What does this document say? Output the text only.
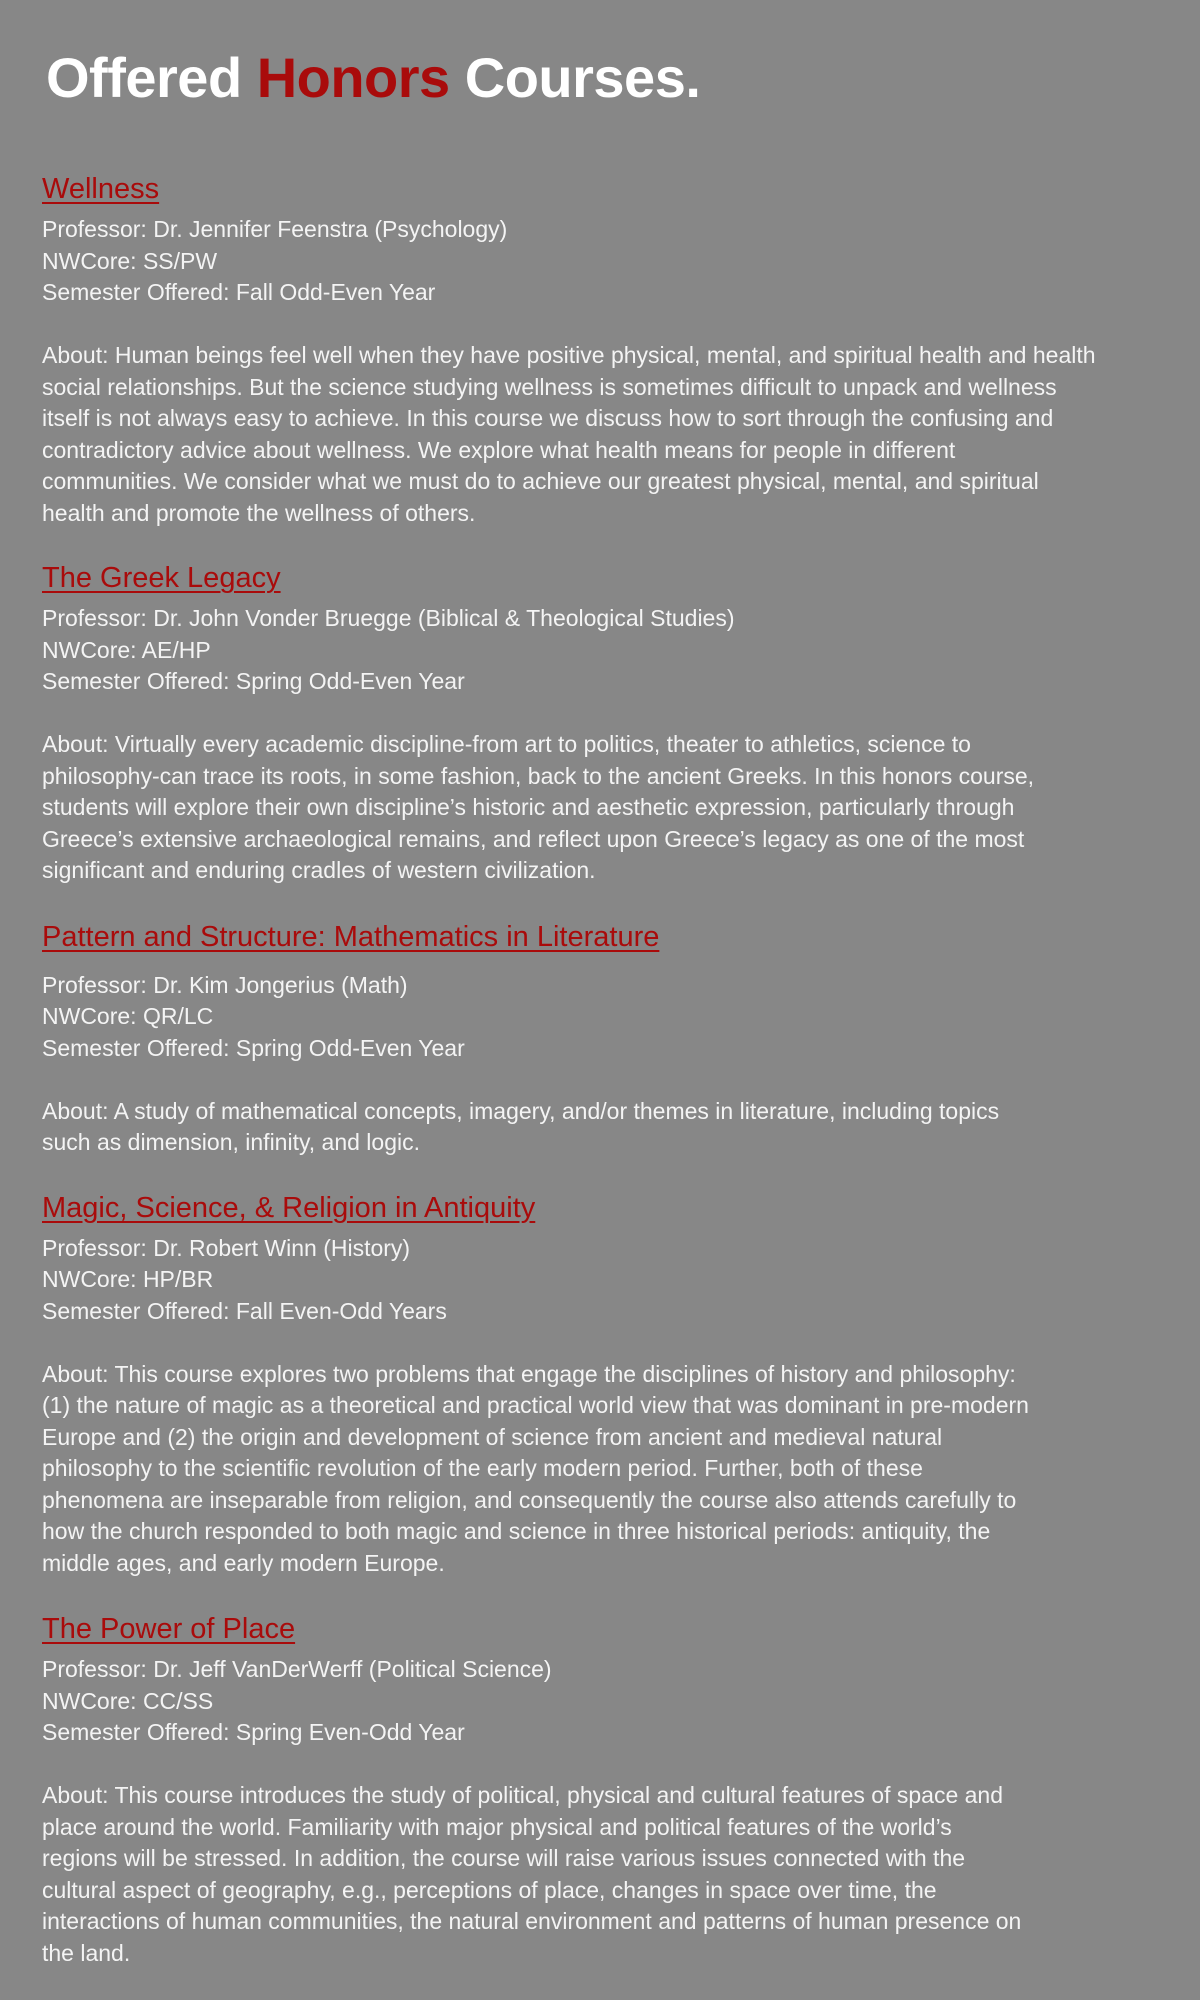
Offered Honors Courses.
Wellness
Professor: Dr. Jennifer Feenstra (Psychology)
NWCore: SS/PW
Semester Offered: Fall Odd-Even Year
About: Human beings feel well when they have positive physical, mental, and spiritual health and health
social relationships. But the science studying wellness is sometimes difficult to unpack and wellness
itself is not always easy to achieve. In this course we discuss how to sort through the confusing and
contradictory advice about wellness. We explore what health means for people in different
communities. We consider what we must do to achieve our greatest physical, mental, and spiritual
health and promote the wellness of others.
The Greek Legacy
Professor: Dr. John Vonder Bruegge (Biblical & Theological Studies)
NWCore: AE/HP
Semester Offered: Spring Odd-Even Year
About: Virtually every academic discipline-from art to politics, theater to athletics, science to
philosophy-can trace its roots, in some fashion, back to the ancient Greeks. In this honors course,
students will explore their own discipline’s historic and aesthetic expression, particularly through
Greece’s extensive archaeological remains, and reflect upon Greece’s legacy as one of the most
significant and enduring cradles of western civilization.
Pattern and Structure: Mathematics in Literature
Professor: Dr. Kim Jongerius (Math)
NWCore: QR/LC
Semester Offered: Spring Odd-Even Year
About: A study of mathematical concepts, imagery, and/or themes in literature, including topics
such as dimension, infinity, and logic.
Magic, Science, & Religion in Antiquity
Professor: Dr. Robert Winn (History)
NWCore: HP/BR
Semester Offered: Fall Even-Odd Years
About: This course explores two problems that engage the disciplines of history and philosophy:
(1) the nature of magic as a theoretical and practical world view that was dominant in pre-modern
Europe and (2) the origin and development of science from ancient and medieval natural
philosophy to the scientific revolution of the early modern period. Further, both of these
phenomena are inseparable from religion, and consequently the course also attends carefully to
how the church responded to both magic and science in three historical periods: antiquity, the
middle ages, and early modern Europe.
The Power of Place
Professor: Dr. Jeff VanDerWerff (Political Science)
NWCore: CC/SS
Semester Offered: Spring Even-Odd Year
About: This course introduces the study of political, physical and cultural features of space and
place around the world. Familiarity with major physical and political features of the world’s
regions will be stressed. In addition, the course will raise various issues connected with the
cultural aspect of geography, e.g., perceptions of place, changes in space over time, the
interactions of human communities, the natural environment and patterns of human presence on
the land.
